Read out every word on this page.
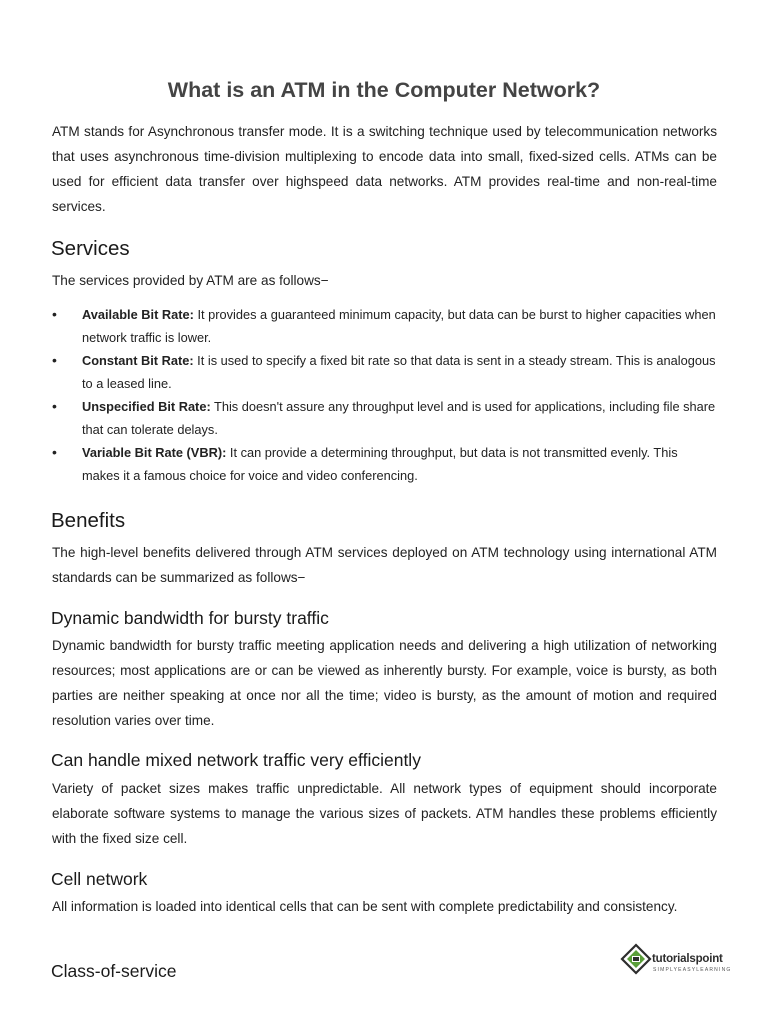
What is an ATM in the Computer Network?

ATM stands for Asynchronous transfer mode. It is a switching technique used by telecommunication networks that uses asynchronous time-division multiplexing to encode data into small, fixed-sized cells. ATMs can be used for efficient data transfer over highspeed data networks. ATM provides real-time and non-real-time services.

Services

The services provided by ATM are as follows−

• Available Bit Rate: It provides a guaranteed minimum capacity, but data can be burst to higher capacities when network traffic is lower.
• Constant Bit Rate: It is used to specify a fixed bit rate so that data is sent in a steady stream. This is analogous to a leased line.
• Unspecified Bit Rate: This doesn't assure any throughput level and is used for applications, including file share that can tolerate delays.
• Variable Bit Rate (VBR): It can provide a determining throughput, but data is not transmitted evenly. This makes it a famous choice for voice and video conferencing.
Benefits

The high-level benefits delivered through ATM services deployed on ATM technology using international ATM standards can be summarized as follows−

Dynamic bandwidth for bursty traffic

Dynamic bandwidth for bursty traffic meeting application needs and delivering a high utilization of networking resources; most applications are or can be viewed as inherently bursty. For example, voice is bursty, as both parties are neither speaking at once nor all the time; video is bursty, as the amount of motion and required resolution varies over time.

Can handle mixed network traffic very efficiently

Variety of packet sizes makes traffic unpredictable. All network types of equipment should incorporate elaborate software systems to manage the various sizes of packets. ATM handles these problems efficiently with the fixed size cell.

Cell network

All information is loaded into identical cells that can be sent with complete predictability and consistency.

Class-of-service
tutorialspoint
SIMPLYEASYLEARNING
